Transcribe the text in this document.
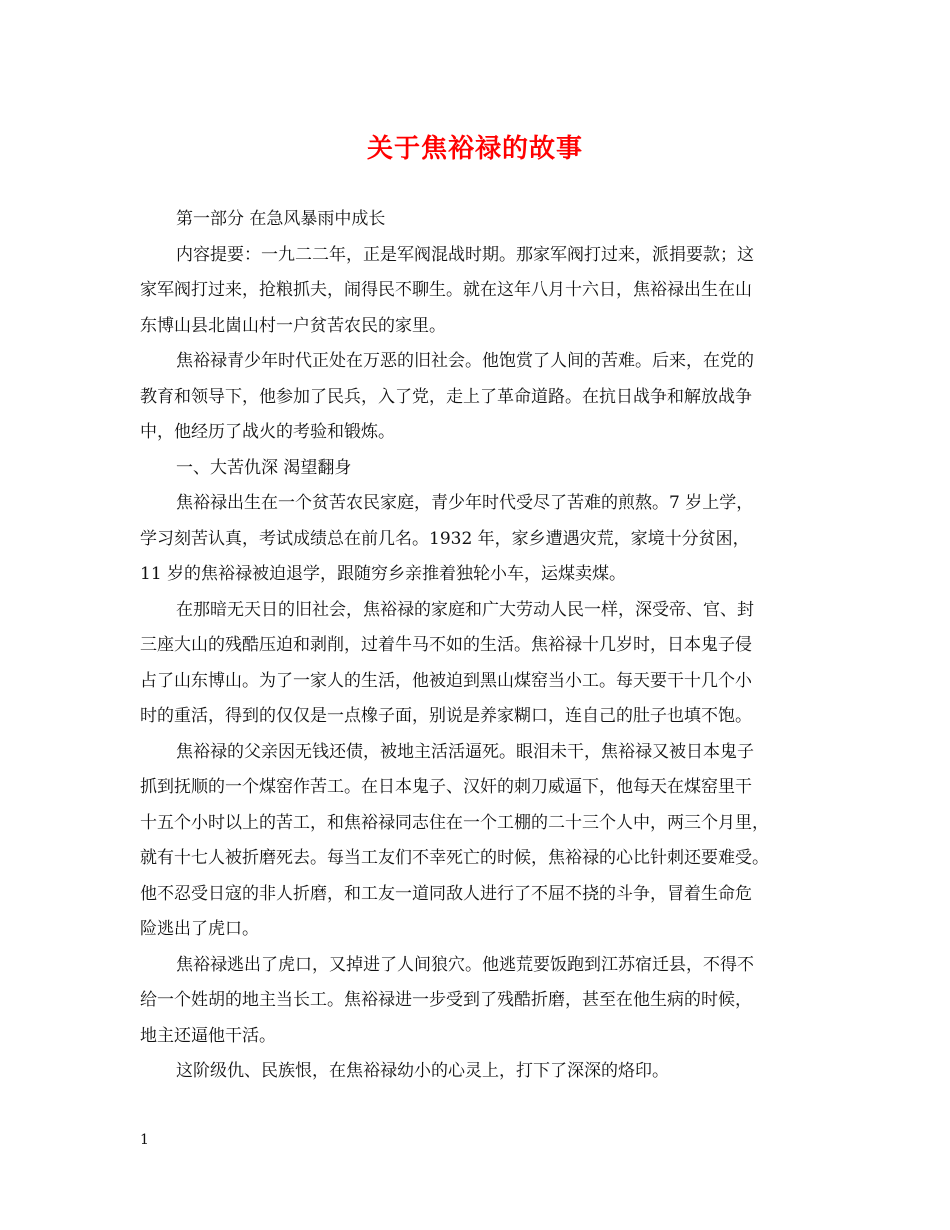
关于焦裕禄的故事

第一部分 在急风暴雨中成长

内容提要：一九二二年，正是军阀混战时期。那家军阀打过来，派捐要款；这

家军阀打过来，抢粮抓夫，闹得民不聊生。就在这年八月十六日，焦裕禄出生在山

东博山县北崮山村一户贫苦农民的家里。

焦裕禄青少年时代正处在万恶的旧社会。他饱赏了人间的苦难。后来，在党的

教育和领导下，他参加了民兵，入了党，走上了革命道路。在抗日战争和解放战争

中，他经历了战火的考验和锻炼。

一、大苦仇深 渴望翻身

焦裕禄出生在一个贫苦农民家庭，青少年时代受尽了苦难的煎熬。7 岁上学，

学习刻苦认真，考试成绩总在前几名。1932 年，家乡遭遇灾荒，家境十分贫困，

11 岁的焦裕禄被迫退学，跟随穷乡亲推着独轮小车，运煤卖煤。

在那暗无天日的旧社会，焦裕禄的家庭和广大劳动人民一样，深受帝、官、封

三座大山的残酷压迫和剥削，过着牛马不如的生活。焦裕禄十几岁时，日本鬼子侵

占了山东博山。为了一家人的生活，他被迫到黑山煤窑当小工。每天要干十几个小

时的重活，得到的仅仅是一点橡子面，别说是养家糊口，连自己的肚子也填不饱。

焦裕禄的父亲因无钱还债，被地主活活逼死。眼泪未干，焦裕禄又被日本鬼子

抓到抚顺的一个煤窑作苦工。在日本鬼子、汉奸的刺刀威逼下，他每天在煤窑里干

十五个小时以上的苦工，和焦裕禄同志住在一个工棚的二十三个人中，两三个月里，

就有十七人被折磨死去。每当工友们不幸死亡的时候，焦裕禄的心比针刺还要难受。

他不忍受日寇的非人折磨，和工友一道同敌人进行了不屈不挠的斗争，冒着生命危

险逃出了虎口。

焦裕禄逃出了虎口，又掉进了人间狼穴。他逃荒要饭跑到江苏宿迁县，不得不

给一个姓胡的地主当长工。焦裕禄进一步受到了残酷折磨，甚至在他生病的时候，

地主还逼他干活。

这阶级仇、民族恨，在焦裕禄幼小的心灵上，打下了深深的烙印。

1
